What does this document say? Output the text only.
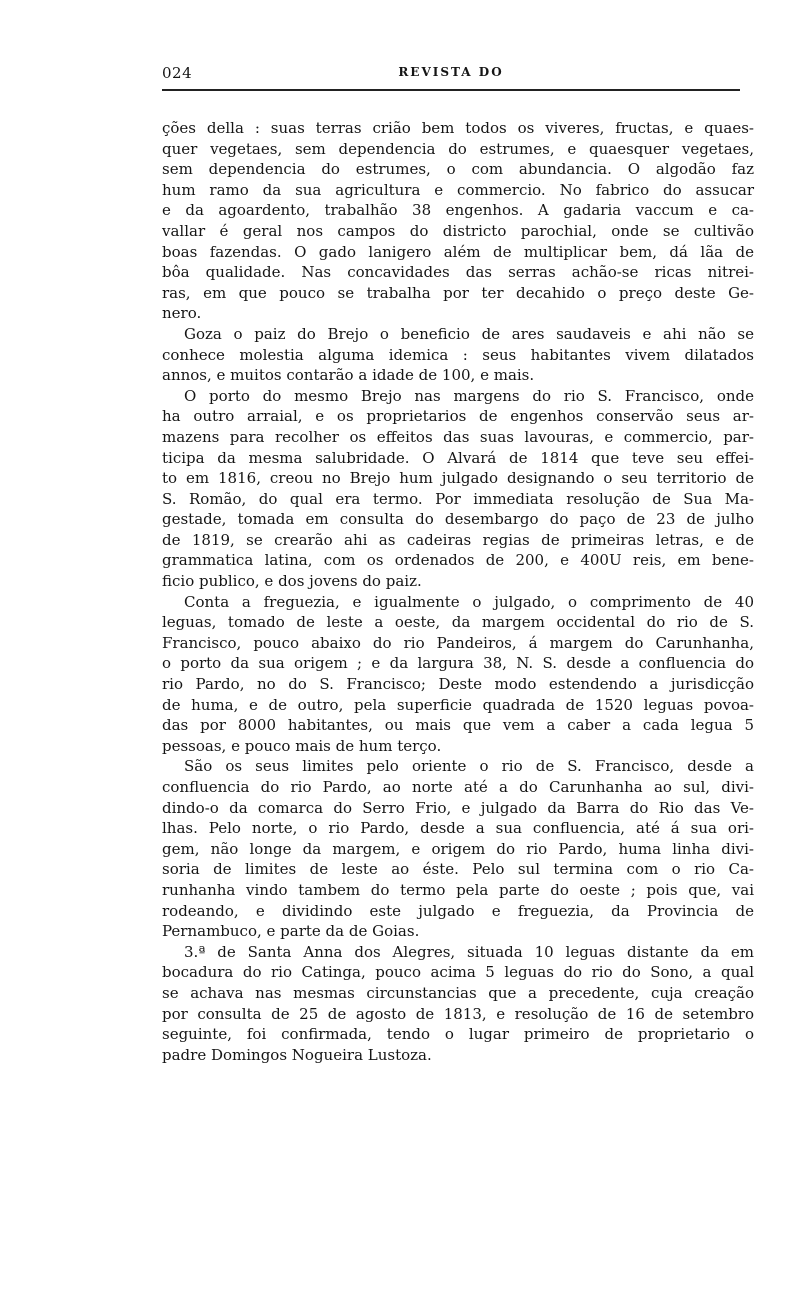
024	REVISTA DO
ções della : suas terras crião bem todos os viveres, fructas, e quaes-
quer vegetaes, sem dependencia do estrumes, e quaesquer vegetaes,
sem dependencia do estrumes, o com abundancia. O algodão faz
hum ramo da sua agricultura e commercio. No fabrico do assucar
e da agoardento, trabalhão 38 engenhos. A gadaria vaccum e ca-
vallar é geral nos campos do districto parochial, onde se cultivão
boas fazendas. O gado lanigero além de multiplicar bem, dá lãa de
bôa qualidade. Nas concavidades das serras achão-se ricas nitrei-
ras, em que pouco se trabalha por ter decahido o preço deste Ge-
nero.
Goza o paiz do Brejo o beneficio de ares saudaveis e ahi não se
conhece molestia alguma idemica : seus habitantes vivem dilatados
annos, e muitos contarão a idade de 100, e mais.
O porto do mesmo Brejo nas margens do rio S. Francisco, onde
ha outro arraial, e os proprietarios de engenhos conservão seus ar-
mazens para recolher os effeitos das suas lavouras, e commercio, par-
ticipa da mesma salubridade. O Alvará de 1814 que teve seu effei-
to em 1816, creou no Brejo hum julgado designando o seu territorio de
S. Romão, do qual era termo. Por immediata resolução de Sua Ma-
gestade, tomada em consulta do desembargo do paço de 23 de julho
de 1819, se crearão ahi as cadeiras regias de primeiras letras, e de
grammatica latina, com os ordenados de 200, e 400U reis, em bene-
ficio publico, e dos jovens do paiz.
Conta a freguezia, e igualmente o julgado, o comprimento de 40
leguas, tomado de leste a oeste, da margem occidental do rio de S.
Francisco, pouco abaixo do rio Pandeiros, á margem do Carunhanha,
o porto da sua origem ; e da largura 38, N. S. desde a confluencia do
rio Pardo, no do S. Francisco; Deste modo estendendo a jurisdicção
de huma, e de outro, pela superficie quadrada de 1520 leguas povoa-
das por 8000 habitantes, ou mais que vem a caber a cada legua 5
pessoas, e pouco mais de hum terço.
São os seus limites pelo oriente o rio de S. Francisco, desde a
confluencia do rio Pardo, ao norte até a do Carunhanha ao sul, divi-
dindo-o da comarca do Serro Frio, e julgado da Barra do Rio das Ve-
lhas. Pelo norte, o rio Pardo, desde a sua confluencia, até á sua ori-
gem, não longe da margem, e origem do rio Pardo, huma linha divi-
soria de limites de leste ao éste. Pelo sul termina com o rio Ca-
runhanha vindo tambem do termo pela parte do oeste ; pois que, vai
rodeando, e dividindo este julgado e freguezia, da Provincia de
Pernambuco, e parte da de Goias.
3.ª de Santa Anna dos Alegres, situada 10 leguas distante da em
bocadura do rio Catinga, pouco acima 5 leguas do rio do Sono, a qual
se achava nas mesmas circunstancias que a precedente, cuja creação
por consulta de 25 de agosto de 1813, e resolução de 16 de setembro
seguinte, foi confirmada, tendo o lugar primeiro de proprietario o
padre Domingos Nogueira Lustoza.
